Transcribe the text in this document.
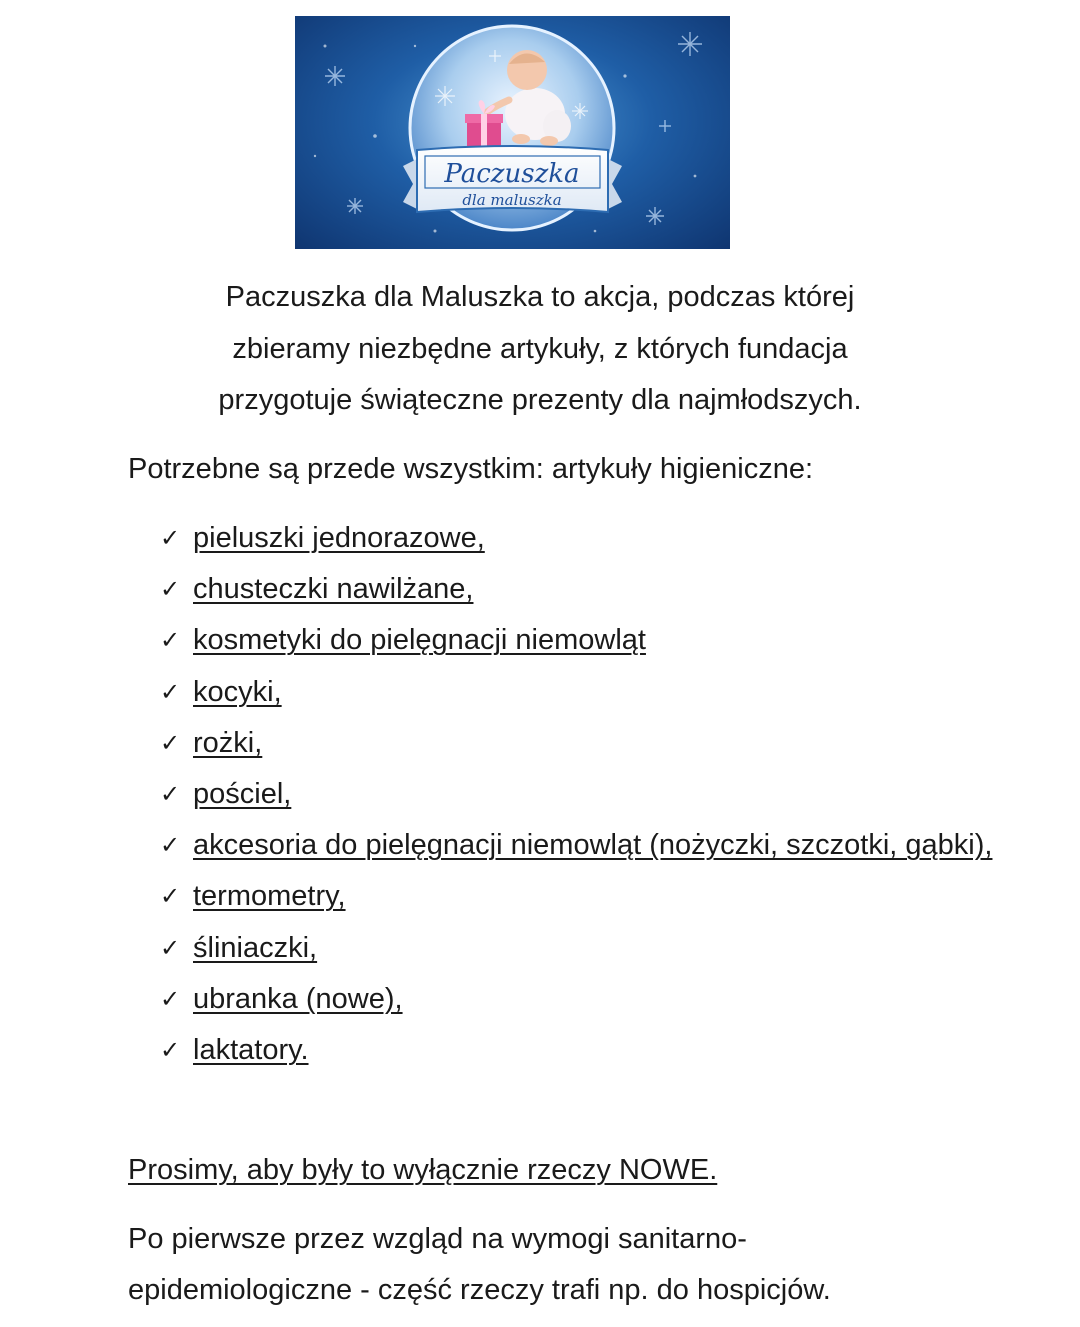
Paczuszka
dla maluszka

Paczuszka dla Maluszka to akcja, podczas której
zbieramy niezbędne artykuły, z których fundacja
przygotuje świąteczne prezenty dla najmłodszych.

Potrzebne są przede wszystkim: artykuły higieniczne:

✓ pieluszki jednorazowe,
✓ chusteczki nawilżane,
✓ kosmetyki do pielęgnacji niemowląt
✓ kocyki,
✓ rożki,
✓ pościel,
✓ akcesoria do pielęgnacji niemowląt (nożyczki, szczotki, gąbki),
✓ termometry,
✓ śliniaczki,
✓ ubranka (nowe),
✓ laktatory.

Prosimy, aby były to wyłącznie rzeczy NOWE.

Po pierwsze przez wzgląd na wymogi sanitarno-
epidemiologiczne - część rzeczy trafi np. do hospicjów.
